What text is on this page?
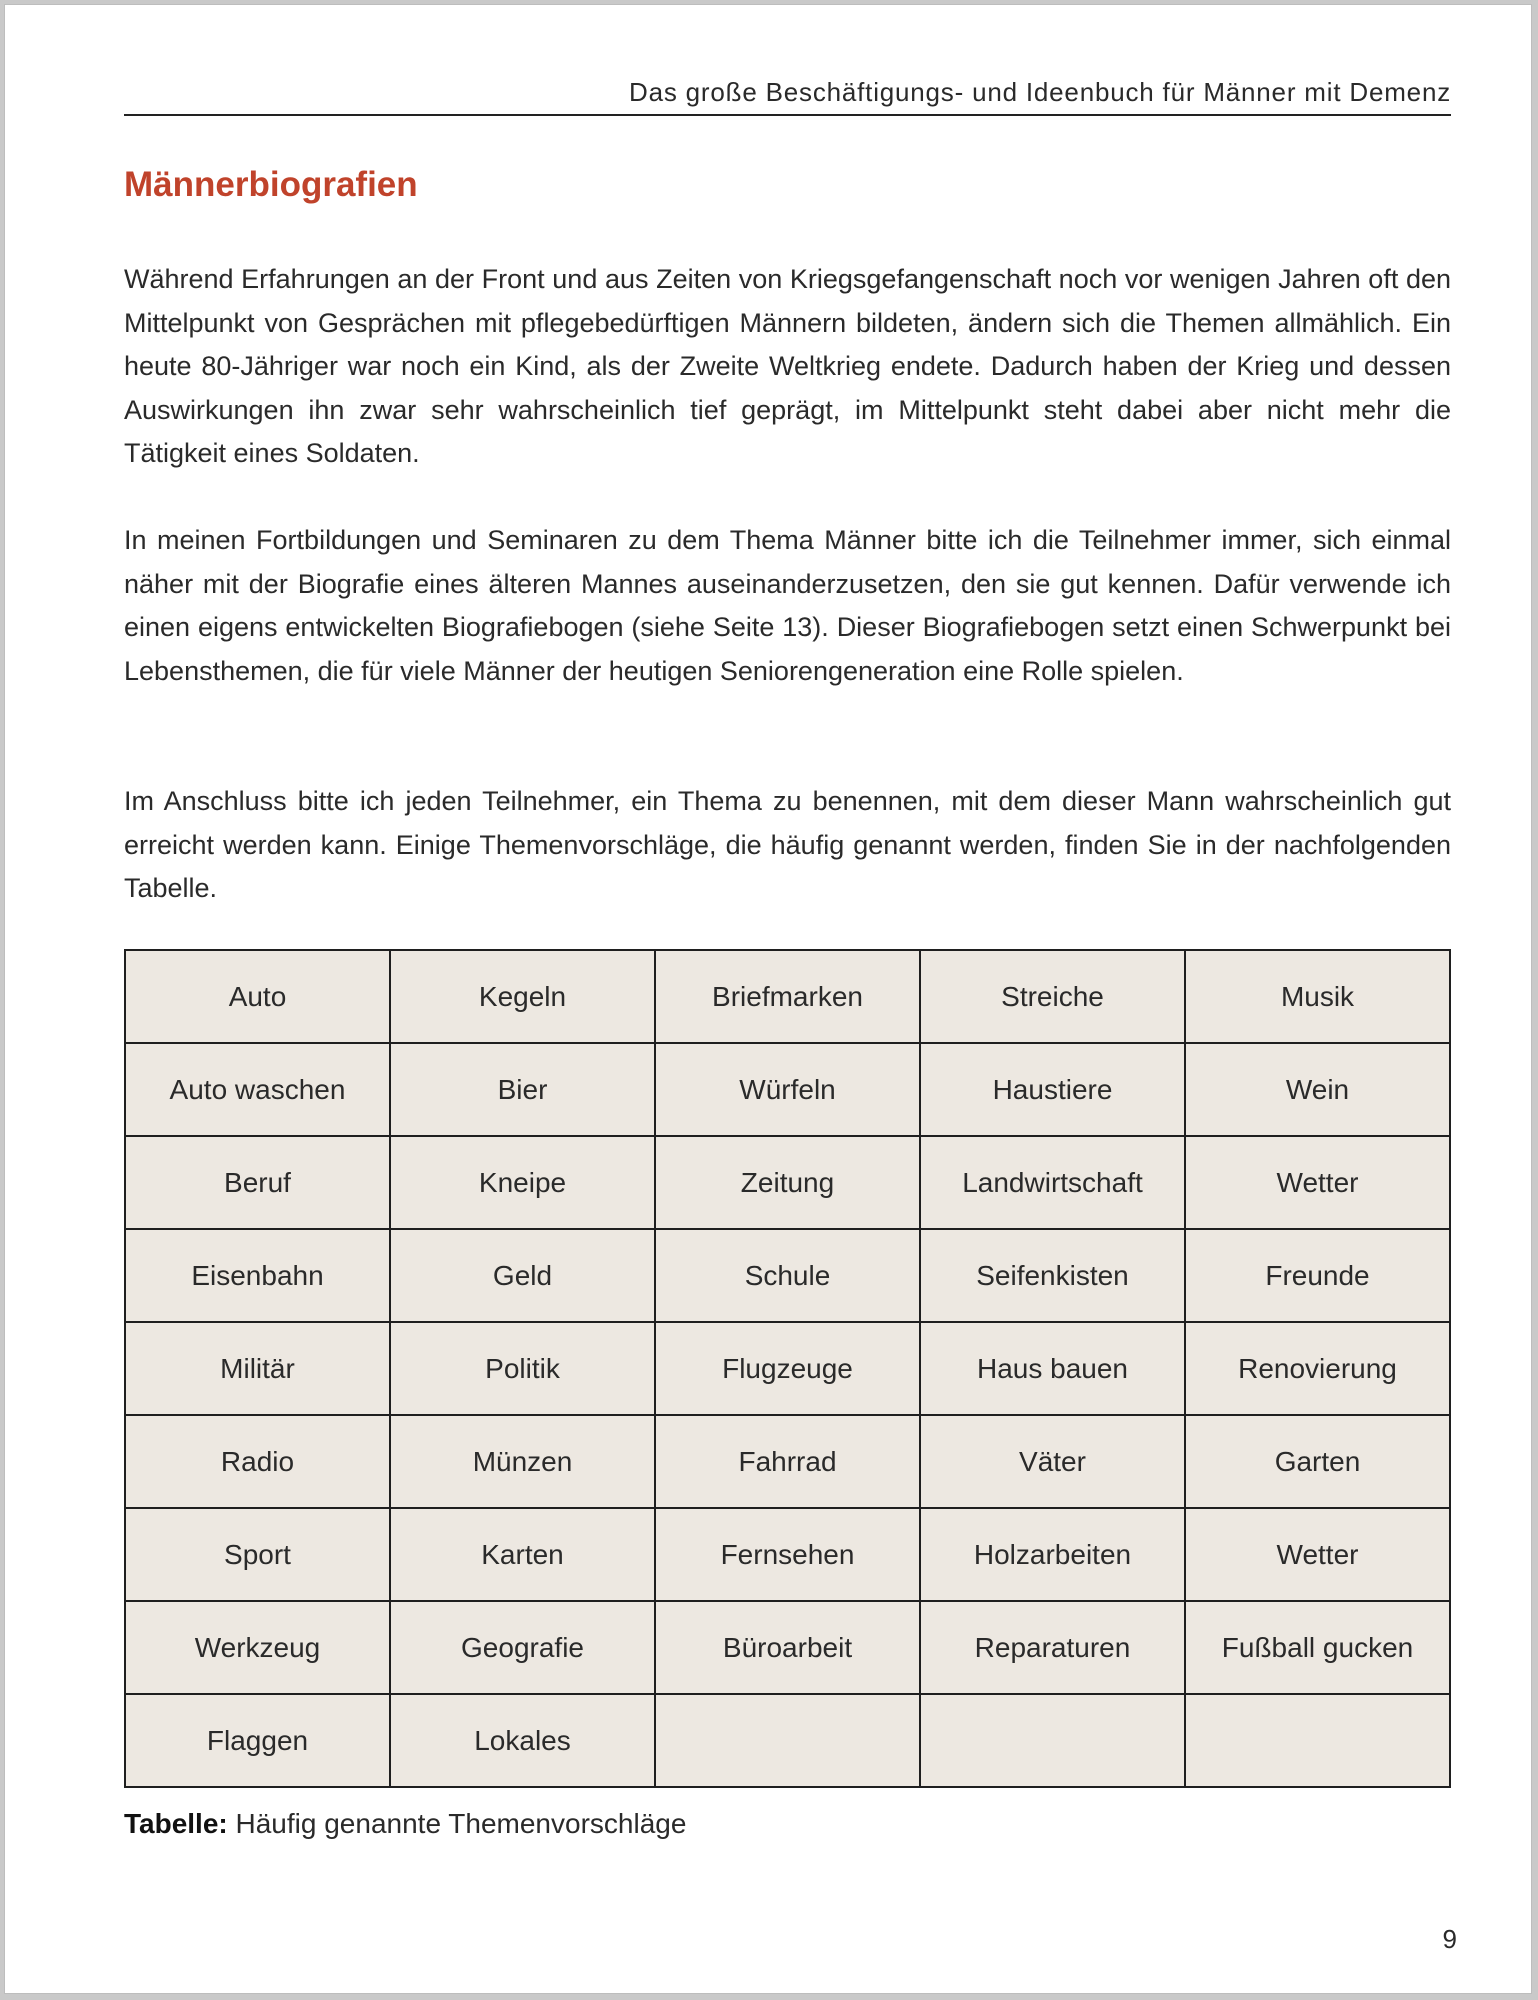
Das große Beschäftigungs- und Ideenbuch für Männer mit Demenz
Männerbiografien

Während Erfahrungen an der Front und aus Zeiten von Kriegsgefangenschaft noch vor wenigen Jahren oft den Mittelpunkt von Gesprächen mit pflegebedürftigen Männern bildeten, ändern sich die Themen allmählich. Ein heute 80-Jähriger war noch ein Kind, als der Zweite Weltkrieg endete. Dadurch haben der Krieg und dessen Auswirkungen ihn zwar sehr wahrscheinlich tief geprägt, im Mittelpunkt steht dabei aber nicht mehr die Tätigkeit eines Soldaten.

In meinen Fortbildungen und Seminaren zu dem Thema Männer bitte ich die Teilnehmer immer, sich einmal näher mit der Biografie eines älteren Mannes auseinanderzusetzen, den sie gut kennen. Dafür verwende ich einen eigens entwickelten Biografiebogen (siehe Seite 13). Dieser Biografiebogen setzt einen Schwerpunkt bei Lebensthemen, die für viele Männer der heutigen Seniorengeneration eine Rolle spielen.

Im Anschluss bitte ich jeden Teilnehmer, ein Thema zu benennen, mit dem dieser Mann wahrscheinlich gut erreicht werden kann. Einige Themenvorschläge, die häufig genannt werden, finden Sie in der nachfolgenden Tabelle.

Auto	Kegeln	Briefmarken	Streiche	Musik
Auto waschen	Bier	Würfeln	Haustiere	Wein
Beruf	Kneipe	Zeitung	Landwirtschaft	Wetter
Eisenbahn	Geld	Schule	Seifenkisten	Freunde
Militär	Politik	Flugzeuge	Haus bauen	Renovierung
Radio	Münzen	Fahrrad	Väter	Garten
Sport	Karten	Fernsehen	Holzarbeiten	Wetter
Werkzeug	Geografie	Büroarbeit	Reparaturen	Fußball gucken
Flaggen	Lokales			
Tabelle: Häufig genannte Themenvorschläge
9
